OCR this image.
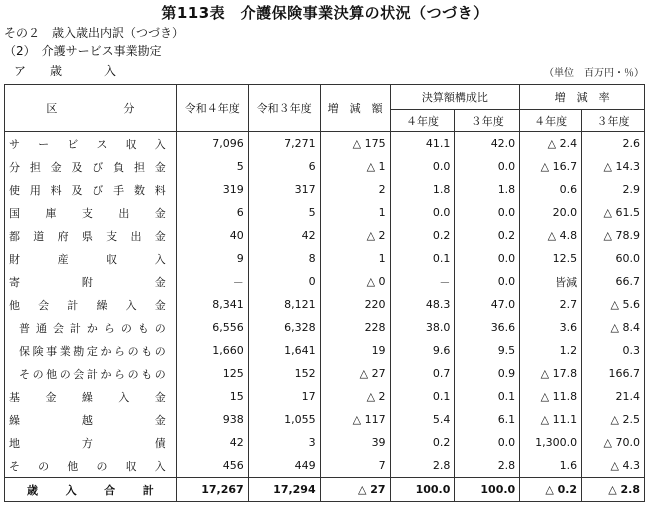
第113表　介護保険事業決算の状況（つづき）
その２　歳入歳出内訳（つづき）
（2）　介護サービス事業勘定
ア　歳　　入	（単位　百万円・％）
区　　　　　　分	令和４年度	令和３年度	増　減　額	決算額構成比		増　減　率	
				４年度	３年度	４年度	３年度
サービス収入	7,096	7,271	△ 175	41.1	42.0	△ 2.4	2.6
分担金及び負担金	5	6	△ 1	0.0	0.0	△ 16.7	△ 14.3
使用料及び手数料	319	317	2	1.8	1.8	0.6	2.9
国庫支出金	6	5	1	0.0	0.0	20.0	△ 61.5
都道府県支出金	40	42	△ 2	0.2	0.2	△ 4.8	△ 78.9
財産収入	9	8	1	0.1	0.0	12.5	60.0
寄附金	－	0	△ 0	－	0.0	皆減	66.7
他会計繰入金	8,341	8,121	220	48.3	47.0	2.7	△ 5.6
普通会計からのもの	6,556	6,328	228	38.0	36.6	3.6	△ 8.4
保険事業勘定からのもの	1,660	1,641	19	9.6	9.5	1.2	0.3
その他の会計からのもの	125	152	△ 27	0.7	0.9	△ 17.8	166.7
基金繰入金	15	17	△ 2	0.1	0.1	△ 11.8	21.4
繰越金	938	1,055	△ 117	5.4	6.1	△ 11.1	△ 2.5
地方債	42	3	39	0.2	0.0	1,300.0	△ 70.0
その他の収入	456	449	7	2.8	2.8	1.6	△ 4.3
歳入合計	17,267	17,294	△ 27	100.0	100.0	△ 0.2	△ 2.8
